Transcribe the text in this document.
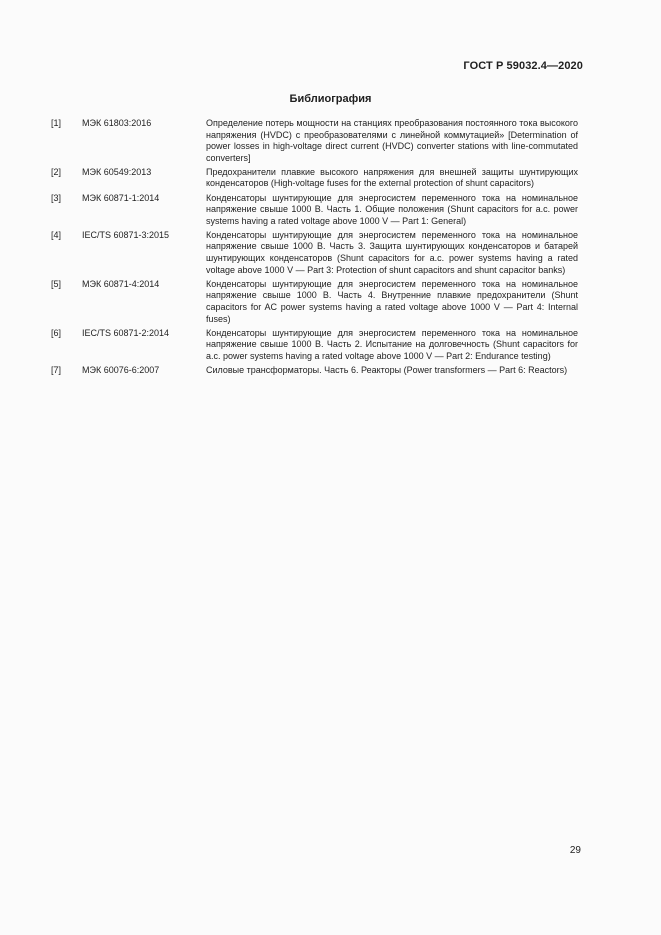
ГОСТ Р 59032.4—2020
Библиография
[1]	МЭК 61803:2016	Определение потерь мощности на станциях преобразования постоянного тока высокого напряжения (HVDC) с преобразователями с линейной коммутацией» [Determination of power losses in high-voltage direct current (HVDC) converter stations with line-commutated converters]
[2]	МЭК 60549:2013	Предохранители плавкие высокого напряжения для внешней защиты шунтирующих конденсаторов (High-voltage fuses for the external protection of shunt capacitors)
[3]	МЭК 60871-1:2014	Конденсаторы шунтирующие для энергосистем переменного тока на номинальное напряжение свыше 1000 В. Часть 1. Общие положения (Shunt capacitors for a.c. power systems having a rated voltage above 1000 V — Part 1: General)
[4]	IEC/TS 60871-3:2015	Конденсаторы шунтирующие для энергосистем переменного тока на номинальное напряжение свыше 1000 В. Часть 3. Защита шунтирующих конденсаторов и батарей шунтирующих конденсаторов (Shunt capacitors for a.c. power systems having a rated voltage above 1000 V — Part 3: Protection of shunt capacitors and shunt capacitor banks)
[5]	МЭК 60871-4:2014	Конденсаторы шунтирующие для энергосистем переменного тока на номинальное напряжение свыше 1000 В. Часть 4. Внутренние плавкие предохранители (Shunt capacitors for AC power systems having a rated voltage above 1000 V — Part 4: Internal fuses)
[6]	IEC/TS 60871-2:2014	Конденсаторы шунтирующие для энергосистем переменного тока на номинальное напряжение свыше 1000 В. Часть 2. Испытание на долговечность (Shunt capacitors for a.c. power systems having a rated voltage above 1000 V — Part 2: Endurance testing)
[7]	МЭК 60076-6:2007	Силовые трансформаторы. Часть 6. Реакторы (Power transformers — Part 6: Reactors)
29
